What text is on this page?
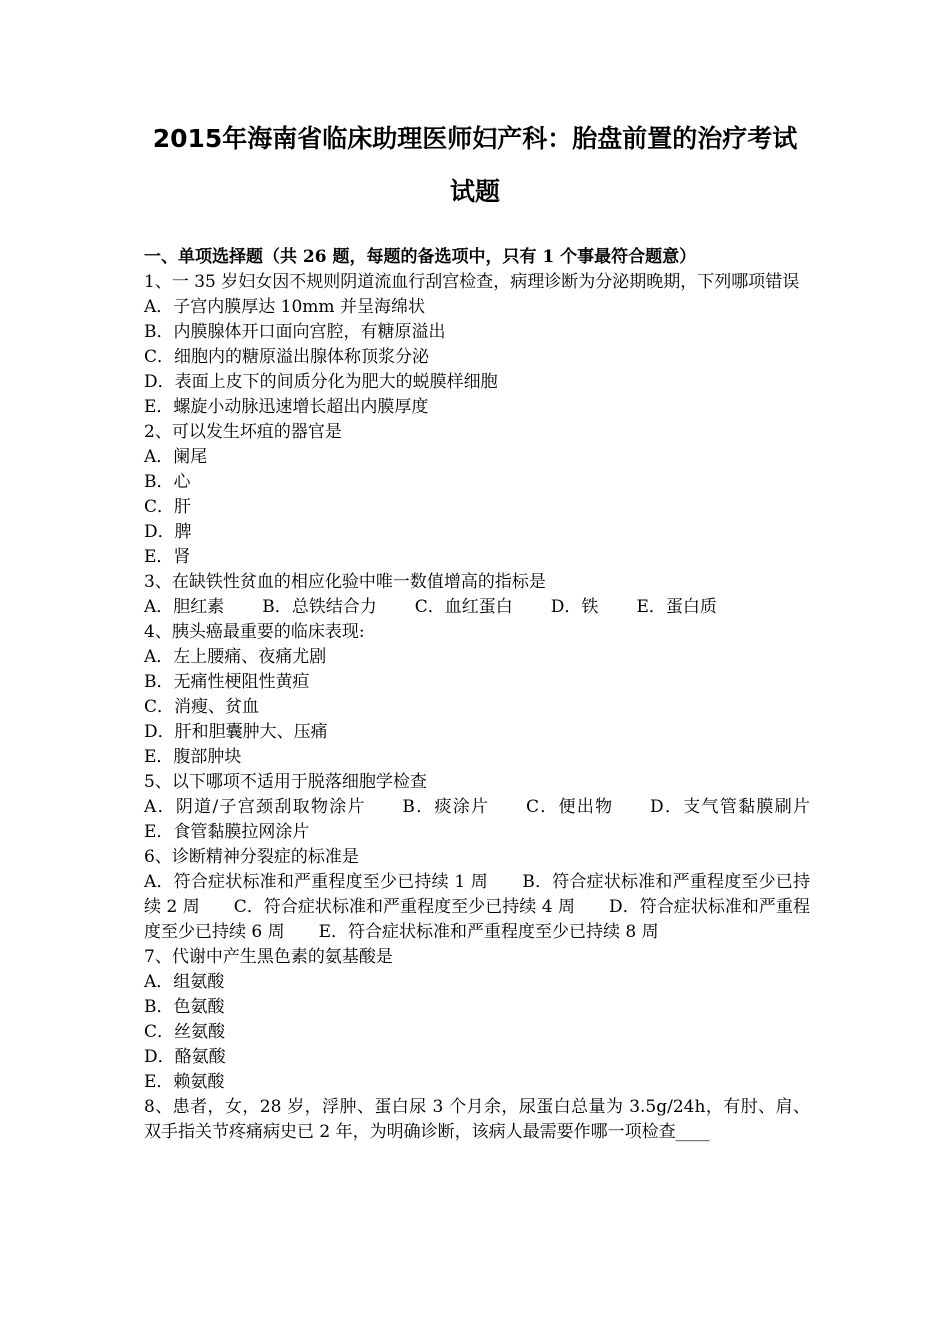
2015年海南省临床助理医师妇产科：胎盘前置的治疗考试
试题

一、单项选择题（共 26 题，每题的备选项中，只有 1 个事最符合题意）

1、一 35 岁妇女因不规则阴道流血行刮宫检查，病理诊断为分泌期晚期，下列哪项错误

A．子宫内膜厚达 10mm 并呈海绵状

B．内膜腺体开口面向宫腔，有糖原溢出

C．细胞内的糖原溢出腺体称顶浆分泌

D．表面上皮下的间质分化为肥大的蜕膜样细胞

E．螺旋小动脉迅速增长超出内膜厚度

2、可以发生坏疽的器官是

A．阑尾

B．心

C．肝

D．脾

E．肾

3、在缺铁性贫血的相应化验中唯一数值增高的指标是

A．胆红素 B．总铁结合力 C．血红蛋白 D．铁 E．蛋白质

4、胰头癌最重要的临床表现:

A．左上腰痛、夜痛尤剧

B．无痛性梗阻性黄疸

C．消瘦、贫血

D．肝和胆囊肿大、压痛

E．腹部肿块

5、以下哪项不适用于脱落细胞学检查

A．阴道/子宫颈刮取物涂片　　B．痰涂片　　C．便出物　　D．支气管黏膜刷片　　E．食管黏膜拉网涂片

6、诊断精神分裂症的标准是

A．符合症状标准和严重程度至少已持续 1 周　　B．符合症状标准和严重程度至少已持续 2 周　　C．符合症状标准和严重程度至少已持续 4 周　　D．符合症状标准和严重程度至少已持续 6 周　　E．符合症状标准和严重程度至少已持续 8 周

7、代谢中产生黑色素的氨基酸是

A．组氨酸

B．色氨酸

C．丝氨酸

D．酪氨酸

E．赖氨酸

8、患者，女，28 岁，浮肿、蛋白尿 3 个月余，尿蛋白总量为 3.5g/24h，有肘、肩、双手指关节疼痛病史已 2 年，为明确诊断，该病人最需要作哪一项检查____
